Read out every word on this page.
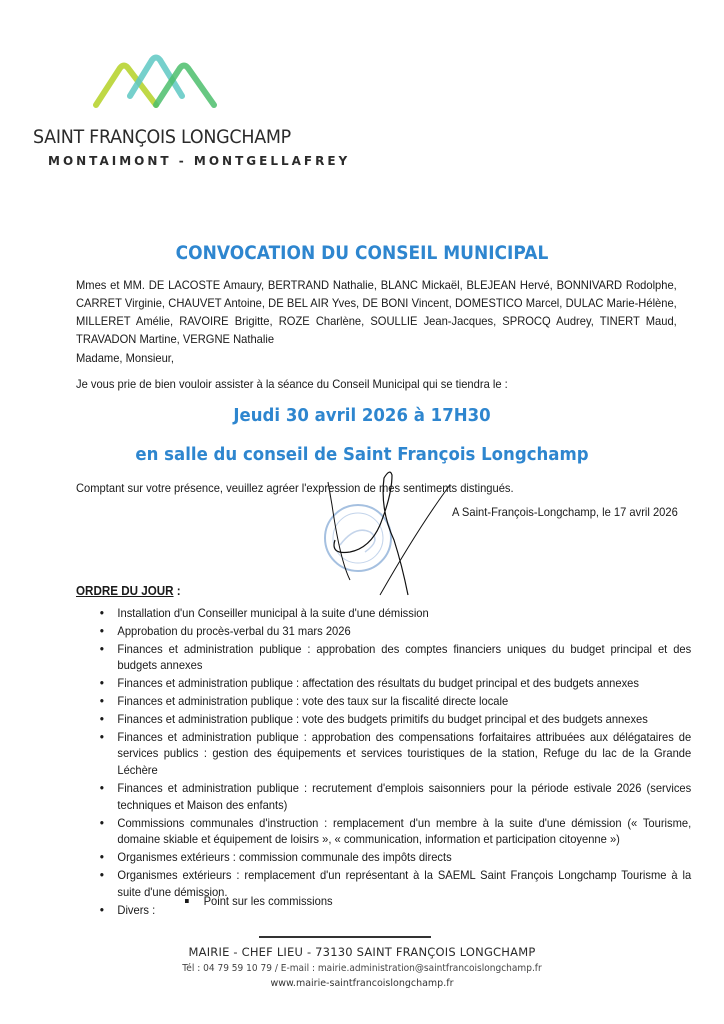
SAINT FRANÇOIS LONGCHAMP
MONTAIMONT - MONTGELLAFREY
CONVOCATION DU CONSEIL MUNICIPAL
Mmes et MM. DE LACOSTE Amaury, BERTRAND Nathalie, BLANC Mickaël, BLEJEAN Hervé, BONNIVARD Rodolphe, CARRET Virginie, CHAUVET Antoine, DE BEL AIR Yves, DE BONI Vincent, DOMESTICO Marcel, DULAC Marie-Hélène, MILLERET Amélie, RAVOIRE Brigitte, ROZE Charlène, SOULLIE Jean-Jacques, SPROCQ Audrey, TINERT Maud, TRAVADON Martine, VERGNE Nathalie
Madame, Monsieur,
Je vous prie de bien vouloir assister à la séance du Conseil Municipal qui se tiendra le :
Jeudi 30 avril 2026 à 17H30
en salle du conseil de Saint François Longchamp
Comptant sur votre présence, veuillez agréer l'expression de mes sentiments distingués.
A Saint-François-Longchamp, le 17 avril 2026
ORDRE DU JOUR :
• Installation d'un Conseiller municipal à la suite d'une démission
• Approbation du procès-verbal du 31 mars 2026
• Finances et administration publique : approbation des comptes financiers uniques du budget principal et des budgets annexes
• Finances et administration publique : affectation des résultats du budget principal et des budgets annexes
• Finances et administration publique : vote des taux sur la fiscalité directe locale
• Finances et administration publique : vote des budgets primitifs du budget principal et des budgets annexes
• Finances et administration publique : approbation des compensations forfaitaires attribuées aux délégataires de services publics : gestion des équipements et services touristiques de la station, Refuge du lac de la Grande Léchère
• Finances et administration publique : recrutement d'emplois saisonniers pour la période estivale 2026 (services techniques et Maison des enfants)
• Commissions communales d'instruction : remplacement d'un membre à la suite d'une démission (« Tourisme, domaine skiable et équipement de loisirs », « communication, information et participation citoyenne »)
• Organismes extérieurs : commission communale des impôts directs
• Organismes extérieurs : remplacement d'un représentant à la SAEML Saint François Longchamp Tourisme à la suite d'une démission.
• Divers :
Point sur les commissions
MAIRIE - CHEF LIEU - 73130 SAINT FRANÇOIS LONGCHAMP
Tél : 04 79 59 10 79 / E-mail : mairie.administration@saintfrancoislongchamp.fr
www.mairie-saintfrancoislongchamp.fr
